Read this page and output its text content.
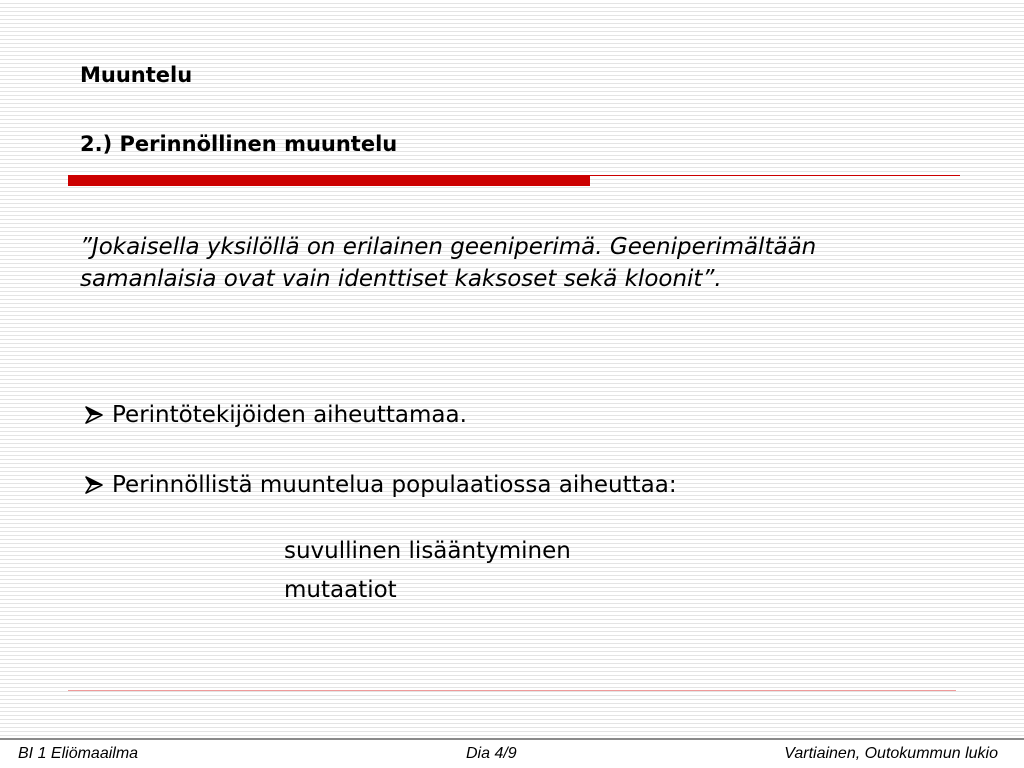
Muuntelu
2.) Perinnöllinen muuntelu
”Jokaisella yksilöllä on erilainen geeniperimä. Geeniperimältään samanlaisia ovat vain identtiset kaksoset sekä kloonit”.
Perintötekijöiden aiheuttamaa.
Perinnöllistä muuntelua populaatiossa aiheuttaa:
suvullinen lisääntyminen
mutaatiot
BI 1 Eliömaailma	Dia 4/9	Vartiainen, Outokummun lukio
